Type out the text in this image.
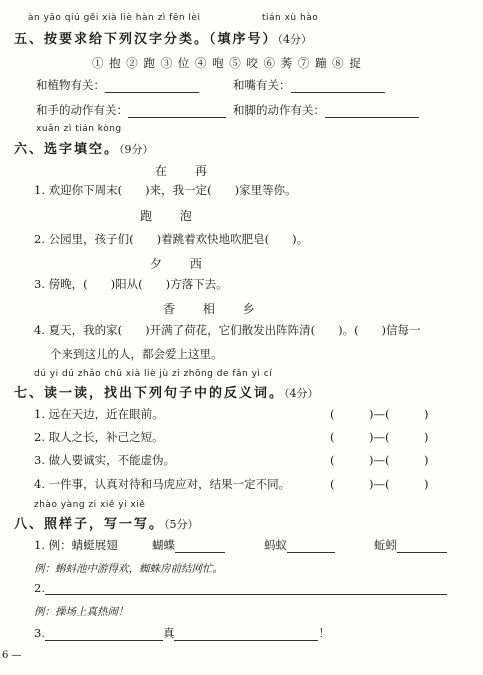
àn yāo qiú gěi xià liè hàn zì fēn lèi	tián xù hào
五、按要求给下列汉字分类。（填序号）（4分）
① 抱 ② 跑 ③ 位 ④ 咆 ⑤ 咬 ⑥ 莠 ⑦ 蹦 ⑧ 捉
和植物有关：	和嘴有关：
和手的动作有关：	和脚的动作有关：
xuǎn zì tián kòng
六、选字填空。（9分）
在 再
1. 欢迎你下周末(　　)来，我一定(　　)家里等你。
跑 泡
2. 公园里，孩子们(　　)着跳着欢快地吹肥皂(　　)。
夕 西
3. 傍晚，(　　)阳从(　　)方落下去。
香 相 乡
4. 夏天，我的家(　　)开满了荷花，它们散发出阵阵清(　　)。(　　)信每一
个来到这儿的人，都会爱上这里。
dú yi dú zhǎo chū xià liè jù zi zhōng de fǎn yì cí
七、读一读，找出下列句子中的反义词。（4分）
1. 远在天边，近在眼前。	(　　　)—(　　　)
2. 取人之长，补己之短。	(　　　)—(　　　)
3. 做人要诚实，不能虚伪。	(　　　)—(　　　)
4. 一件事，认真对待和马虎应对，结果一定不同。	(　　　)—(　　　)
zhào yàng zi xiě yi xiě
八、照样子，写一写。（5分）
1. 例：蜻蜓展翅	蝴蝶	蚂蚁	蚯蚓
例：蝌蚪池中游得欢，蜘蛛房前结网忙。
2.
例：操场上真热闹！
3.	真	！
6 —
